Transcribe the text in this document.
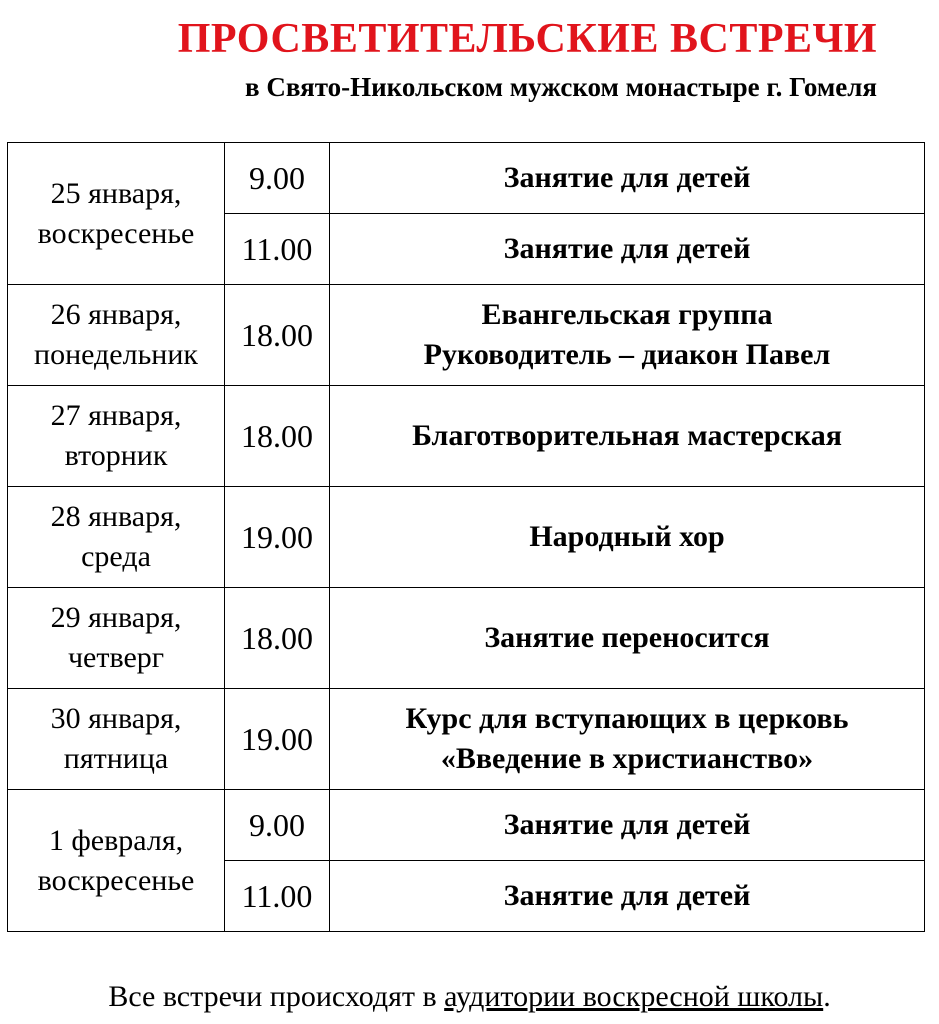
ПРОСВЕТИТЕЛЬСКИЕ ВСТРЕЧИ
в Свято-Никольском мужском монастыре г. Гомеля
25 января,
воскресенье	9.00	Занятие для детей
	11.00	Занятие для детей
26 января,
понедельник	18.00	Евангельская группа
Руководитель – диакон Павел
27 января,
вторник	18.00	Благотворительная мастерская
28 января,
среда	19.00	Народный хор
29 января,
четверг	18.00	Занятие переносится
30 января,
пятница	19.00	Курс для вступающих в церковь
«Введение в христианство»
1 февраля,
воскресенье	9.00	Занятие для детей
	11.00	Занятие для детей
Все встречи происходят в аудитории воскресной школы.
